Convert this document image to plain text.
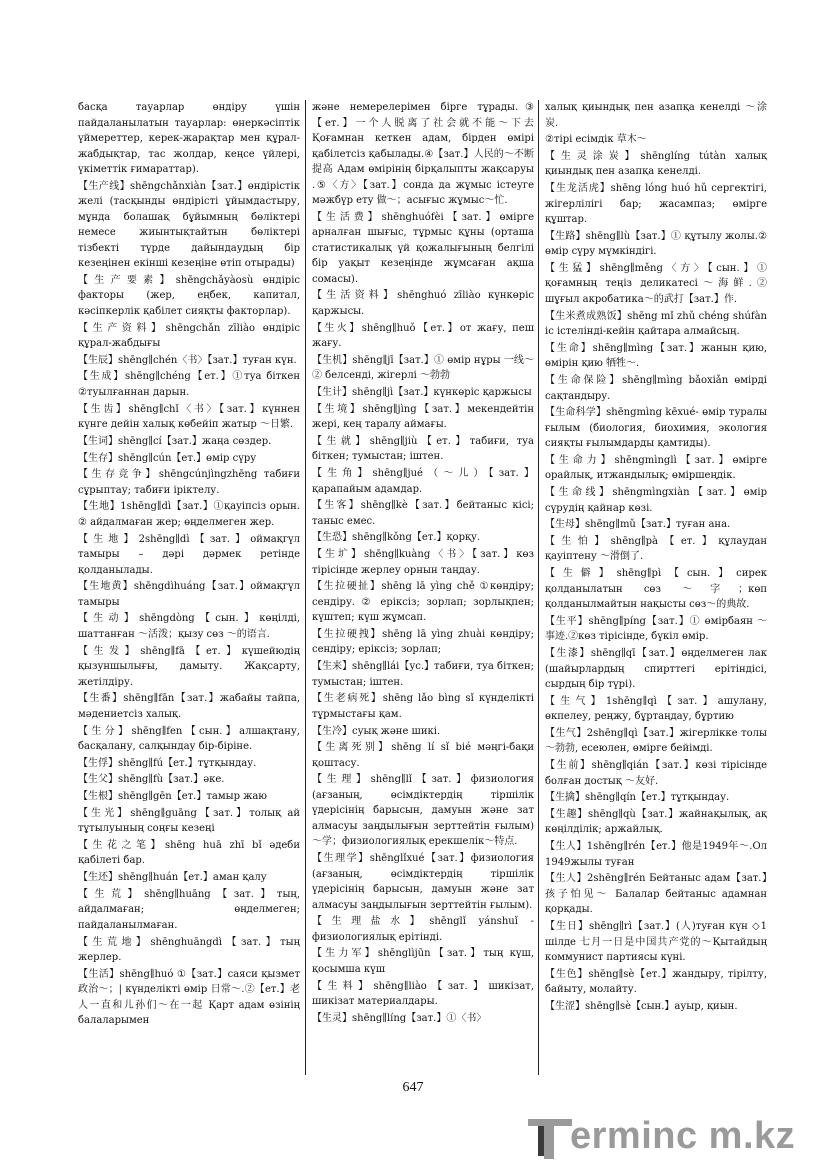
басқа тауарлар өндіру үшін пайдаланылатын тауарлар: өнеркәсіптік үймереттер, керек-жарақтар мен құрал-жабдықтар, тас жолдар, кеңсе үйлері, үкіметтік ғимараттар).

【生产线】shēngchǎnxiàn【зат.】өндірістік желі (тасқынды өндірісті ұйымдастыру, мұнда болашақ бұйымның бөліктері немесе жиынтықтайтын бөліктері тізбекті түрде дайындаудың бір кезеңінен екінші кезеңіне өтіп отырады)

【生产要素】shēngchǎyàosù өндіріс факторы (жер, еңбек, капитал, кәсіпкерлік қабілет сияқты факторлар).

【生产资料】shēngchǎn zīliào өндіріс құрал-жабдығы

【生辰】shēng∥chén〈书〉【зат.】туған күн.

【生成】shēng∥chéng【ет.】①туа біткен ②туылғаннан дарын.

【生齿】shēng∥chǐ〈书〉【зат.】күннен күнге дейін халық көбейіп жатыр ～日繁.

【生词】shēng∥cí【зат.】жаңа сөздер.

【生存】shēng∥cún【ет.】өмір сүру

【生存竞争】shēngcúnjìngzhēng табиғи сұрыптау; табиғи іріктелу.

【生地】1shēng∥dì【зат.】①қауіпсіз орын. ② айдалмаған жер; өңделмеген жер.

【生地】2shēng∥dì【зат.】оймақгүл тамыры – дәрі дәрмек ретінде қолданылады.

【生地黄】shēngdìhuáng【зат.】оймақгүл тамыры

【生动】shēngdòng【сын.】көңілді, шаттанған ～活泼；қызу сөз ～的语言.

【生发】shēng∥fā【ет.】күшейюдің қызуншылығы, дамыту. Жақсарту, жетілдіру.

【生番】shēng∥fān【зат.】жабайы тайпа, мәдениетсіз халық.

【生分】shēng∥fen【сын.】алшақтану, басқалану, салқындау бір-біріне.

【生俘】shēng∥fú【ет.】тұтқындау.

【生父】shēng∥fù【зат.】әке.

【生根】shēng∥gēn【ет.】тамыр жаю

【生光】shēng∥guāng【зат.】толық ай тұтылуының соңғы кезеңі

【生花之笔】shēng huā zhī bǐ әдеби қабілеті бар.

【生还】shēng∥huán【ет.】аман қалу

【生荒】shēng∥huāng【зат.】тың, айдалмаған; өңделмеген; пайдаланылмаған.

【生荒地】shēnghuāngdì【зат.】тың жерлер.

【生活】shēng∥huó ①【зат.】саяси қызмет 政治～；| күнделікті өмір 日常～.②【ет.】老人一直和儿孙们～在一起 Қарт адам өзінің балаларымен

және немерелерімен бірге тұрады.③【ет.】一个人脱离了社会就不能～下去 Қоғамнан кеткен адам, бірден өмірі қабілетсіз қабылады.④【зат.】人民的～不断提高 Адам өмірінің бірқалыпты жақсаруы .⑤〈方〉【зат.】сонда да жұмыс істеуге мәжбүр ету 做～；асығыс жұмыс～忙.

【生活费】shēnghuófèi【зат.】өмірге арналған шығыс, тұрмыс құны (орташа статистикалық үй қожалығының белгілі бір уақыт кезеңінде жұмсаған ақша сомасы).

【生活资料】shēnghuó zīliào күнкөріс қаржысы.

【生火】shēng∥huǒ【ет.】от жағу, пеш жағу.

【生机】shēng∥jī【зат.】① өмір нұры 一线～② белсенді, жігерлі ～勃勃

【生计】shēng∥jì【зат.】күнкөріс қаржысы

【生境】shēng∥jìng【зат.】мекендейтін жері, кең таралу аймағы.

【生就】shēng∥jiù【ет.】табиғи, туа біткен; тумыстан; іштен.

【生角】shēng∥jué（～儿）【зат.】қарапайым адамдар.

【生客】shēng∥kè【зат.】бейтаныс кісі; таныс емес.

【生恐】shēng∥kǒng【ет.】қорқу.

【生圹】shēng∥kuàng〈书〉【зат.】көз тірісінде жерлеу орнын таңдау.

【生拉硬扯】shēng lā yìng chě ①көндіру; сендіру. ② еріксіз; зорлап; зорлықпен; күштеп; күш жұмсап.

【生拉硬拽】shēng lā yìng zhuài көндіру; сендіру; еріксіз; зорлап;

【生来】shēng∥lái【ус.】табиғи, туа біткен; тумыстан; іштен.

【生老病死】shēng lǎo bìng sǐ күнделікті тұрмыстағы қам.

【生冷】суық және шикі.

【生离死别】shēng lí sǐ bié мәңгі-бақи қоштасу.

【生理】shēng∥lǐ【зат.】физиология (ағзаның, өсімдіктердің тіршілік үдерісінің барысын, дамуын және зат алмасуы заңдылығын зерттейтін ғылым) ～学；физиологиялық ерекшелік～特点.

【生理学】shēnglǐxué【зат.】физиология (ағзаның, өсімдіктердің тіршілік үдерісінің барысын, дамуын және зат алмасуы заңдылығын зерттейтін ғылым).

【生理盐水】shēnglǐ yánshuǐ - физиологиялық ерітінді.

【生力军】shēnglìjūn【зат.】тың күш, қосымша күш

【生料】shēng∥liào【зат.】шикізат, шикізат материалдары.

【生灵】shēng∥líng【зат.】①〈书〉

халық қиындық пен азапқа кенелді ～涂炭.

②тірі есімдік 草木～

【生灵涂炭】shēnglíng tútàn халық қиындық пен азапқа кенелді.

【生龙活虎】shēng lóng huó hǔ сергектігі, жігерлілігі бар; жасампаз; өмірге құштар.

【生路】shēng∥lù【зат.】① құтылу жолы.② өмір сүру мүмкіндігі.

【生猛】shēng∥měng〈方〉【сын.】① қоғамның теңіз деликатесі～海鲜.② шұғыл акробатика～的武打【зат.】作.

【生米煮成熟饭】shēng mǐ zhǔ chéng shúfàn іс істелінді-кейін қайтара алмайсың.

【生命】shēng∥mìng【зат.】жанын қию, өмірін қию 牺牲～.

【生命保险】shēng∥mìng bǎoxiǎn өмірді сақтандыру.

【生命科学】shēngmìng kēxué- өмір туралы ғылым (биология, биохимия, экология сияқты ғылымдарды қамтиды).

【生命力】shēngmìnglì【зат.】өмірге орайлық, итжандылық; өміршеңдік.

【生命线】shēngmìngxiàn【зат.】өмір сүрудің қайнар көзі.

【生母】shēng∥mǔ【зат.】туған ана.

【生怕】shēng∥pà【ет.】құлаудан қауіптену ～滑倒了.

【生僻】shēng∥pì【сын.】сирек қолданылатын сөз ～字；көп қолданылмайтын нақысты сөз～的典故.

【生平】shēng∥píng【зат.】① өмірбаян ～事迹.②көз тірісінде, бүкіл өмір.

【生漆】shēng∥qī【зат.】өңделмеген лак (шайырлардың спирттегі ерітіндісі, сырдың бір түрі).

【生气】1shēng∥qì【зат.】ашулану, өкпелеу, реңжу, бұртаңдау, бұртию

【生气】2shēng∥qì【зат.】жігерлікке толы～勃勃, есеюлен, өмірге бейімді.

【生前】shēng∥qián【зат.】көзі тірісінде болған достық ～友好.

【生擒】shēng∥qín【ет.】тұтқындау.

【生趣】shēng∥qù【зат.】жайнақылық, ақ көңілділік; аржайлық.

【生人】1shēng∥rén【ет.】他是1949年～.Ол 1949жылы туған

【生人】2shēng∥rén Бейтаныс адам【зат.】孩子怕见～ Балалар бейтаныс адамнан қорқады.

【生日】shēng∥rì【зат.】(人)туған күн ◇1 шілде 七月一日是中国共产党的～Қытайдың коммунист партиясы күні.

【生色】shēng∥sè【ет.】жандыру, тірілту, байыту, молайту.

【生涩】shēng∥sè【сын.】ауыр, қиын.

647
erminc m.kz
